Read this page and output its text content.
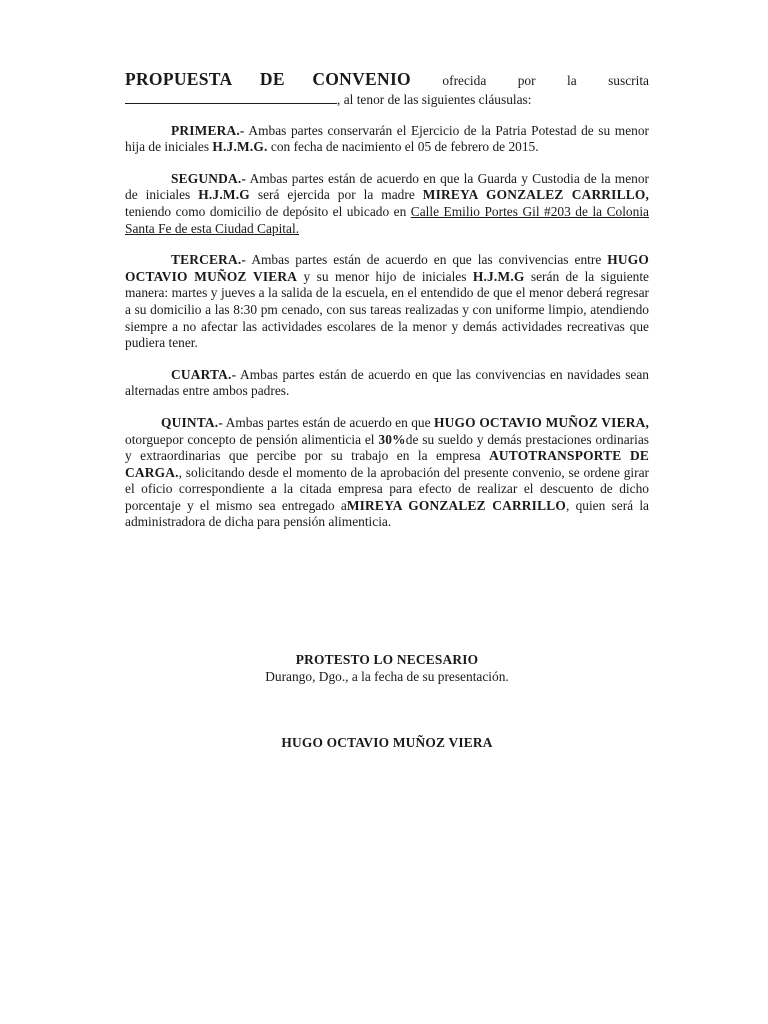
PROPUESTA DE CONVENIO ofrecida por la suscrita
, al tenor de las siguientes cláusulas:

PRIMERA.- Ambas partes conservarán el Ejercicio de la Patria Potestad de su menor hija de iniciales H.J.M.G. con fecha de nacimiento el 05 de febrero de 2015.

SEGUNDA.- Ambas partes están de acuerdo en que la Guarda y Custodia de la menor de iniciales H.J.M.G será ejercida por la madre MIREYA GONZALEZ CARRILLO, teniendo como domicilio de depósito el ubicado en Calle Emilio Portes Gil #203 de la Colonia Santa Fe de esta Ciudad Capital.

TERCERA.- Ambas partes están de acuerdo en que las convivencias entre HUGO OCTAVIO MUÑOZ VIERA y su menor hijo de iniciales H.J.M.G serán de la siguiente manera: martes y jueves a la salida de la escuela, en el entendido de que el menor deberá regresar a su domicilio a las 8:30 pm cenado, con sus tareas realizadas y con uniforme limpio, atendiendo siempre a no afectar las actividades escolares de la menor y demás actividades recreativas que pudiera tener.

CUARTA.- Ambas partes están de acuerdo en que las convivencias en navidades sean alternadas entre ambos padres.

QUINTA.- Ambas partes están de acuerdo en que HUGO OCTAVIO MUÑOZ VIERA, otorguepor concepto de pensión alimenticia el 30%de su sueldo y demás prestaciones ordinarias y extraordinarias que percibe por su trabajo en la empresa AUTOTRANSPORTE DE CARGA., solicitando desde el momento de la aprobación del presente convenio, se ordene girar el oficio correspondiente a la citada empresa para efecto de realizar el descuento de dicho porcentaje y el mismo sea entregado aMIREYA GONZALEZ CARRILLO, quien será la administradora de dicha para pensión alimenticia.

PROTESTO LO NECESARIO
Durango, Dgo., a la fecha de su presentación.
HUGO OCTAVIO MUÑOZ VIERA
